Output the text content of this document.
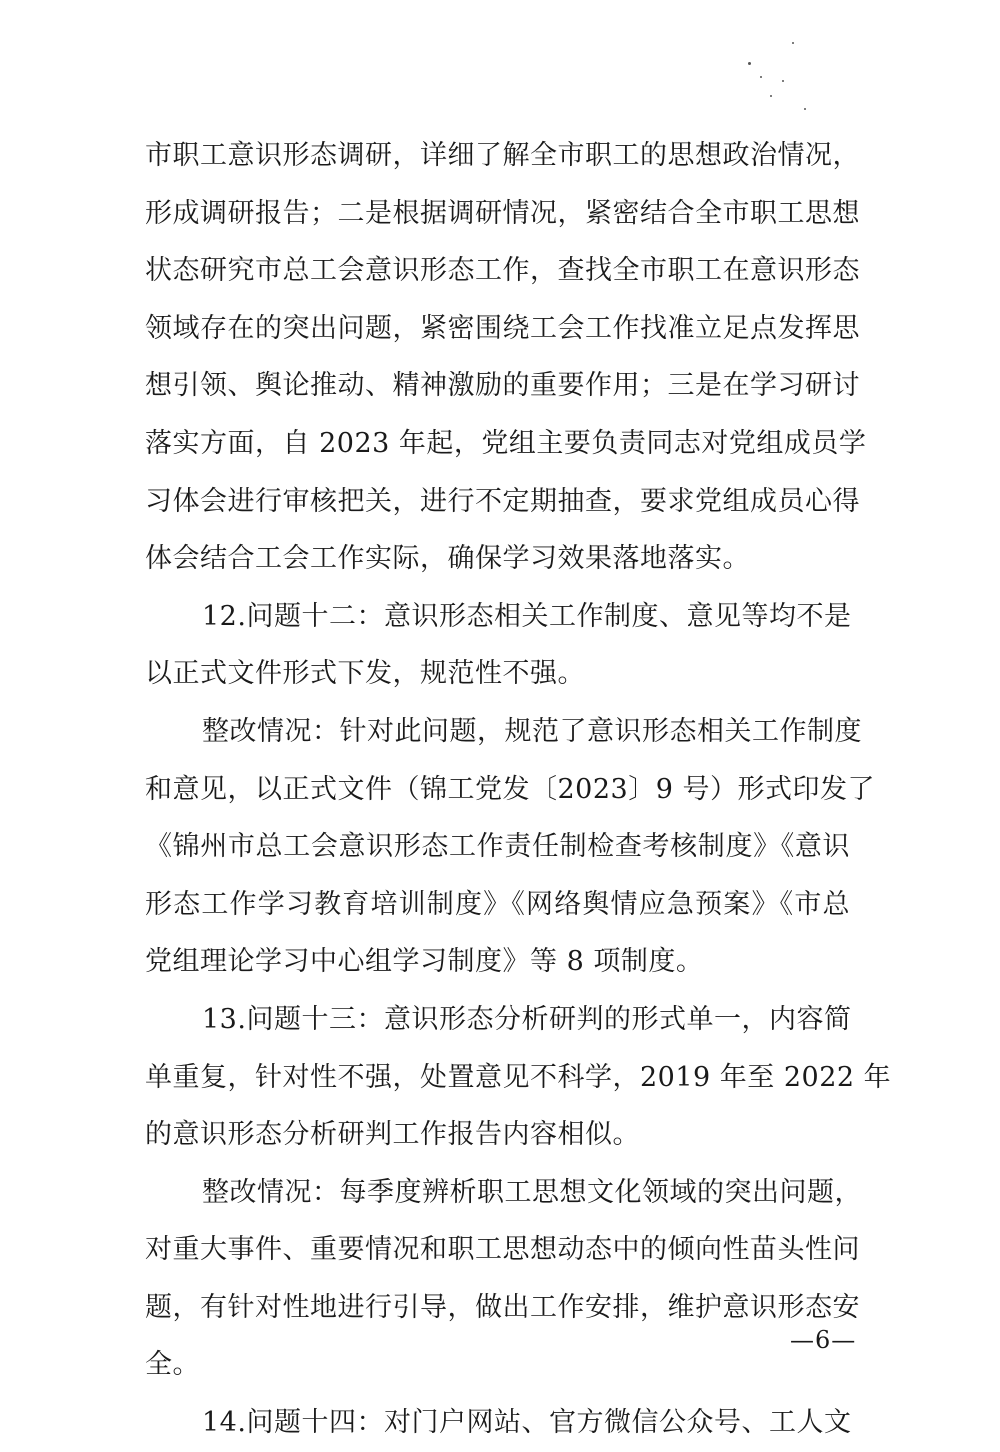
市职工意识形态调研，详细了解全市职工的思想政治情况，
形成调研报告；二是根据调研情况，紧密结合全市职工思想
状态研究市总工会意识形态工作，查找全市职工在意识形态
领域存在的突出问题，紧密围绕工会工作找准立足点发挥思
想引领、舆论推动、精神激励的重要作用；三是在学习研讨
落实方面，自 2023 年起，党组主要负责同志对党组成员学
习体会进行审核把关，进行不定期抽查，要求党组成员心得
体会结合工会工作实际，确保学习效果落地落实。
12.问题十二：意识形态相关工作制度、意见等均不是
以正式文件形式下发，规范性不强。
整改情况：针对此问题，规范了意识形态相关工作制度
和意见，以正式文件（锦工党发〔2023〕9 号）形式印发了
《锦州市总工会意识形态工作责任制检查考核制度》《意识
形态工作学习教育培训制度》《网络舆情应急预案》《市总
党组理论学习中心组学习制度》等 8 项制度。
13.问题十三：意识形态分析研判的形式单一，内容简
单重复，针对性不强，处置意见不科学，2019 年至 2022 年
的意识形态分析研判工作报告内容相似。
整改情况：每季度辨析职工思想文化领域的突出问题，
对重大事件、重要情况和职工思想动态中的倾向性苗头性问
题，有针对性地进行引导，做出工作安排，维护意识形态安
全。
14.问题十四：对门户网站、官方微信公众号、工人文
—6—
